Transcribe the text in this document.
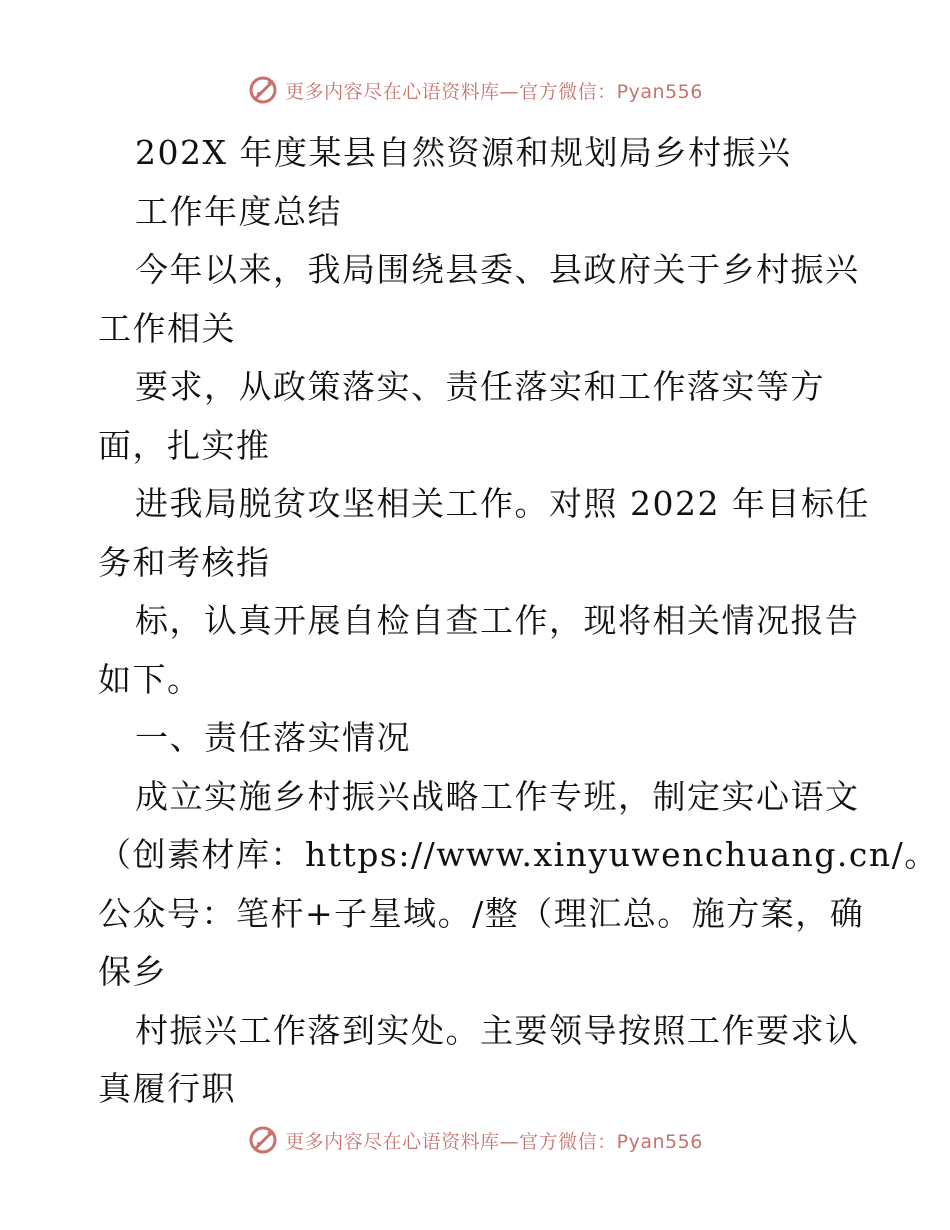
更多内容尽在心语资料库—官方微信：Pyan556
202X 年度某县自然资源和规划局乡村振兴
工作年度总结
今年以来，我局围绕县委、县政府关于乡村振兴
工作相关
要求，从政策落实、责任落实和工作落实等方
面，扎实推
进我局脱贫攻坚相关工作。对照 2022 年目标任
务和考核指
标，认真开展自检自查工作，现将相关情况报告
如下。
一、责任落实情况
成立实施乡村振兴战略工作专班，制定实心语文
（创素材库：https://www.xinyuwenchuang.cn/。
公众号：笔杆+子星域。/整（理汇总。施方案，确
保乡
村振兴工作落到实处。主要领导按照工作要求认
真履行职
更多内容尽在心语资料库—官方微信：Pyan556
